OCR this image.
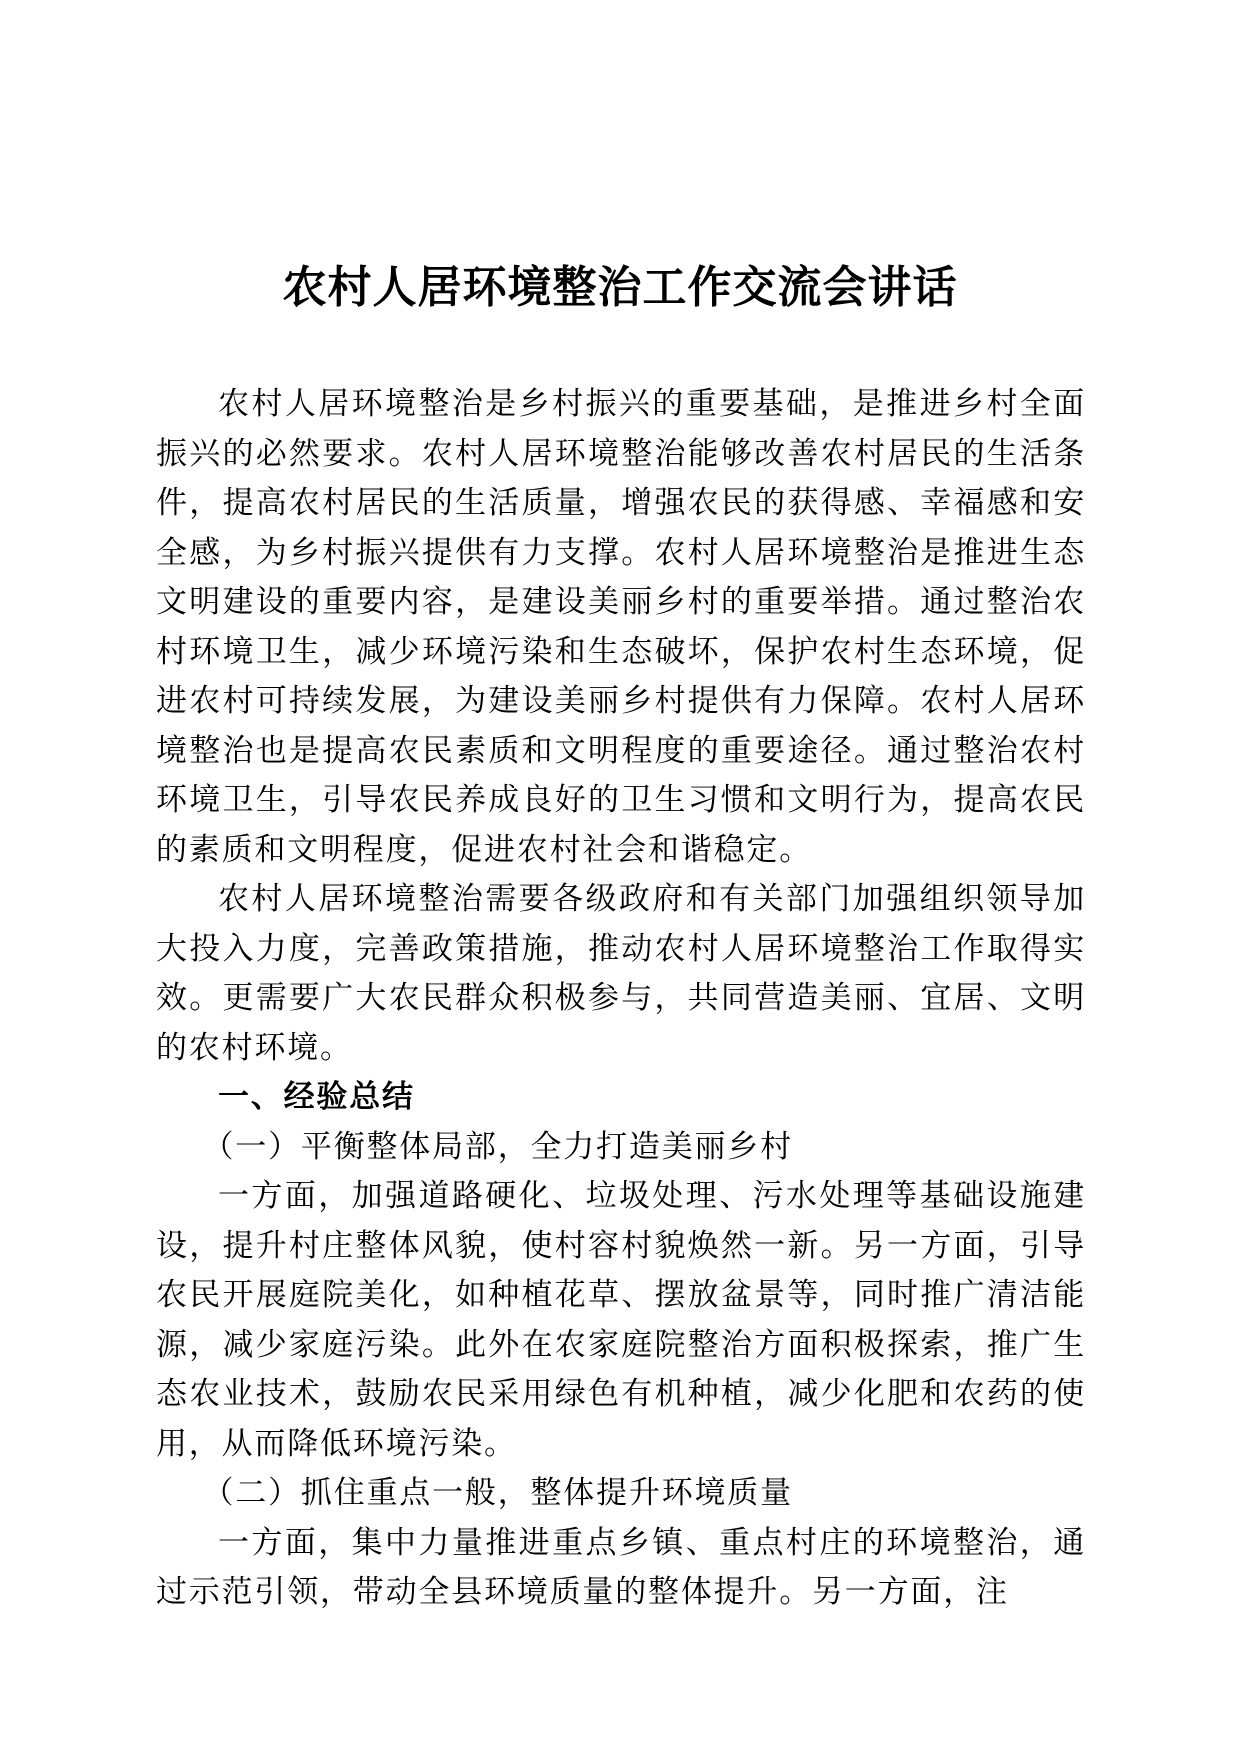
农村人居环境整治工作交流会讲话

农村人居环境整治是乡村振兴的重要基础，是推进乡村全面振兴的必然要求。农村人居环境整治能够改善农村居民的生活条件，提高农村居民的生活质量，增强农民的获得感、幸福感和安全感，为乡村振兴提供有力支撑。农村人居环境整治是推进生态文明建设的重要内容，是建设美丽乡村的重要举措。通过整治农村环境卫生，减少环境污染和生态破坏，保护农村生态环境，促进农村可持续发展，为建设美丽乡村提供有力保障。农村人居环境整治也是提高农民素质和文明程度的重要途径。通过整治农村环境卫生，引导农民养成良好的卫生习惯和文明行为，提高农民的素质和文明程度，促进农村社会和谐稳定。

农村人居环境整治需要各级政府和有关部门加强组织领导加大投入力度，完善政策措施，推动农村人居环境整治工作取得实效。更需要广大农民群众积极参与，共同营造美丽、宜居、文明的农村环境。

一、经验总结

（一）平衡整体局部，全力打造美丽乡村

一方面，加强道路硬化、垃圾处理、污水处理等基础设施建设，提升村庄整体风貌，使村容村貌焕然一新。另一方面，引导农民开展庭院美化，如种植花草、摆放盆景等，同时推广清洁能源，减少家庭污染。此外在农家庭院整治方面积极探索，推广生态农业技术，鼓励农民采用绿色有机种植，减少化肥和农药的使用，从而降低环境污染。

（二）抓住重点一般，整体提升环境质量

一方面，集中力量推进重点乡镇、重点村庄的环境整治，通过示范引领，带动全县环境质量的整体提升。另一方面，注
